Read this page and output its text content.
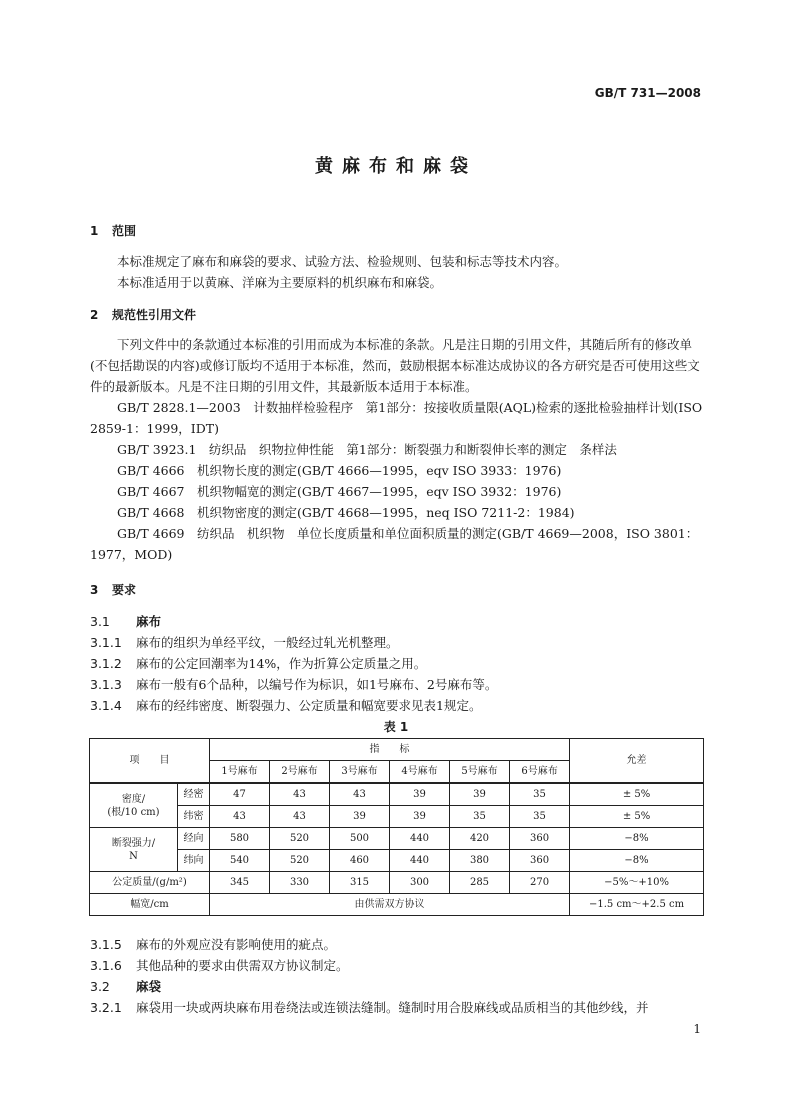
GB/T 731—2008
黄麻布和麻袋
1 范围
本标准规定了麻布和麻袋的要求、试验方法、检验规则、包装和标志等技术内容。
本标准适用于以黄麻、洋麻为主要原料的机织麻布和麻袋。
2 规范性引用文件
下列文件中的条款通过本标准的引用而成为本标准的条款。凡是注日期的引用文件，其随后所有的修改单(不包括勘误的内容)或修订版均不适用于本标准，然而，鼓励根据本标准达成协议的各方研究是否可使用这些文件的最新版本。凡是不注日期的引用文件，其最新版本适用于本标准。
GB/T 2828.1—2003　计数抽样检验程序　第1部分：按接收质量限(AQL)检索的逐批检验抽样计划(ISO 2859-1：1999，IDT)
GB/T 3923.1　纺织品　织物拉伸性能　第1部分：断裂强力和断裂伸长率的测定　条样法
GB/T 4666　机织物长度的测定(GB/T 4666—1995，eqv ISO 3933：1976)
GB/T 4667　机织物幅宽的测定(GB/T 4667—1995，eqv ISO 3932：1976)
GB/T 4668　机织物密度的测定(GB/T 4668—1995，neq ISO 7211-2：1984)
GB/T 4669　纺织品　机织物　单位长度质量和单位面积质量的测定(GB/T 4669—2008，ISO 3801：1977，MOD)
3 要求
3.1 麻布
3.1.1 麻布的组织为单经平纹，一般经过轧光机整理。
3.1.2 麻布的公定回潮率为14%，作为折算公定质量之用。
3.1.3 麻布一般有6个品种，以编号作为标识，如1号麻布、2号麻布等。
3.1.4 麻布的经纬密度、断裂强力、公定质量和幅宽要求见表1规定。
表 1
项　　目		指　　标						允差
		1号麻布	2号麻布	3号麻布	4号麻布	5号麻布	6号麻布	
密度/
(根/10 cm)	经密	47	43	43	39	39	35	± 5%
	纬密	43	43	39	39	35	35	± 5%
断裂强力/
N	经向	580	520	500	440	420	360	−8%
	纬向	540	520	460	440	380	360	−8%
公定质量/(g/m²)		345	330	315	300	285	270	−5%～+10%
幅宽/cm		由供需双方协议						−1.5 cm～+2.5 cm
3.1.5 麻布的外观应没有影响使用的疵点。
3.1.6 其他品种的要求由供需双方协议制定。
3.2 麻袋
3.2.1 麻袋用一块或两块麻布用卷绕法或连锁法缝制。缝制时用合股麻线或品质相当的其他纱线，并
1
